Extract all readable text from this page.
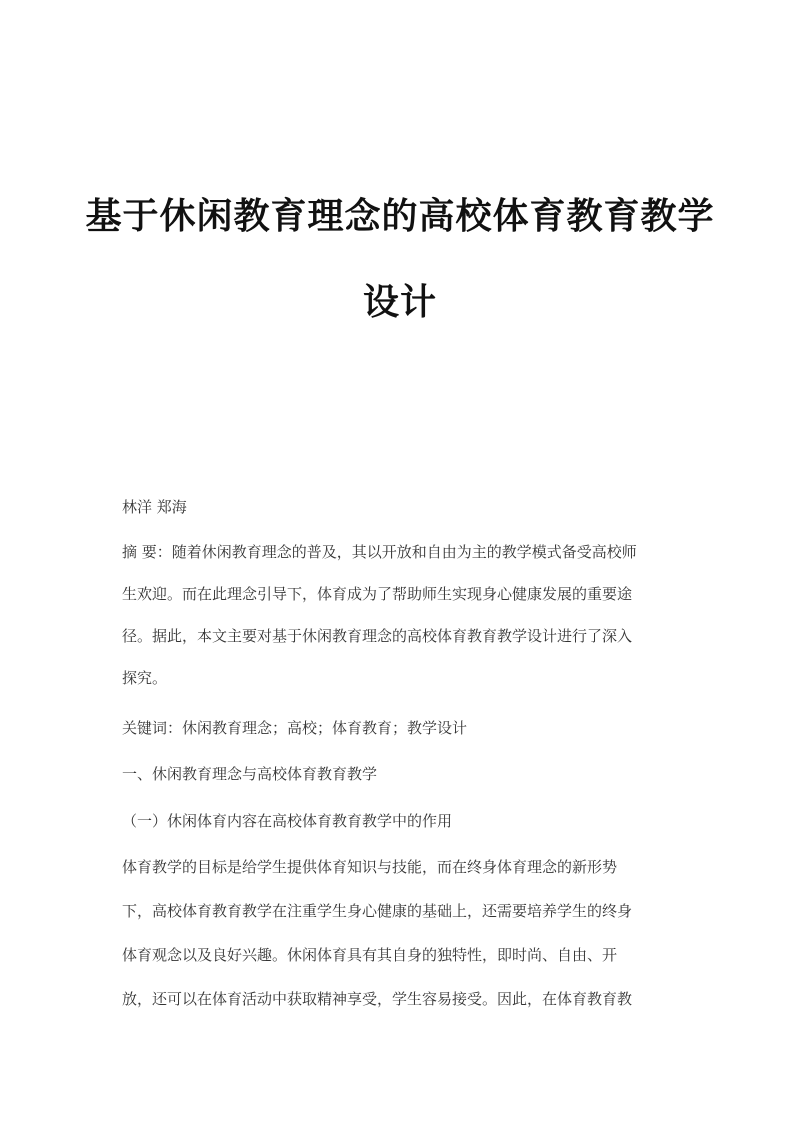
基于休闲教育理念的高校体育教育教学
设计
林洋 郑海
摘 要：随着休闲教育理念的普及，其以开放和自由为主的教学模式备受高校师
生欢迎。而在此理念引导下，体育成为了帮助师生实现身心健康发展的重要途
径。据此，本文主要对基于休闲教育理念的高校体育教育教学设计进行了深入
探究。
关键词：休闲教育理念；高校；体育教育；教学设计
一、休闲教育理念与高校体育教育教学
（一）休闲体育内容在高校体育教育教学中的作用
体育教学的目标是给学生提供体育知识与技能，而在终身体育理念的新形势
下，高校体育教育教学在注重学生身心健康的基础上，还需要培养学生的终身
体育观念以及良好兴趣。休闲体育具有其自身的独特性，即时尚、自由、开
放，还可以在体育活动中获取精神享受，学生容易接受。因此，在体育教育教
